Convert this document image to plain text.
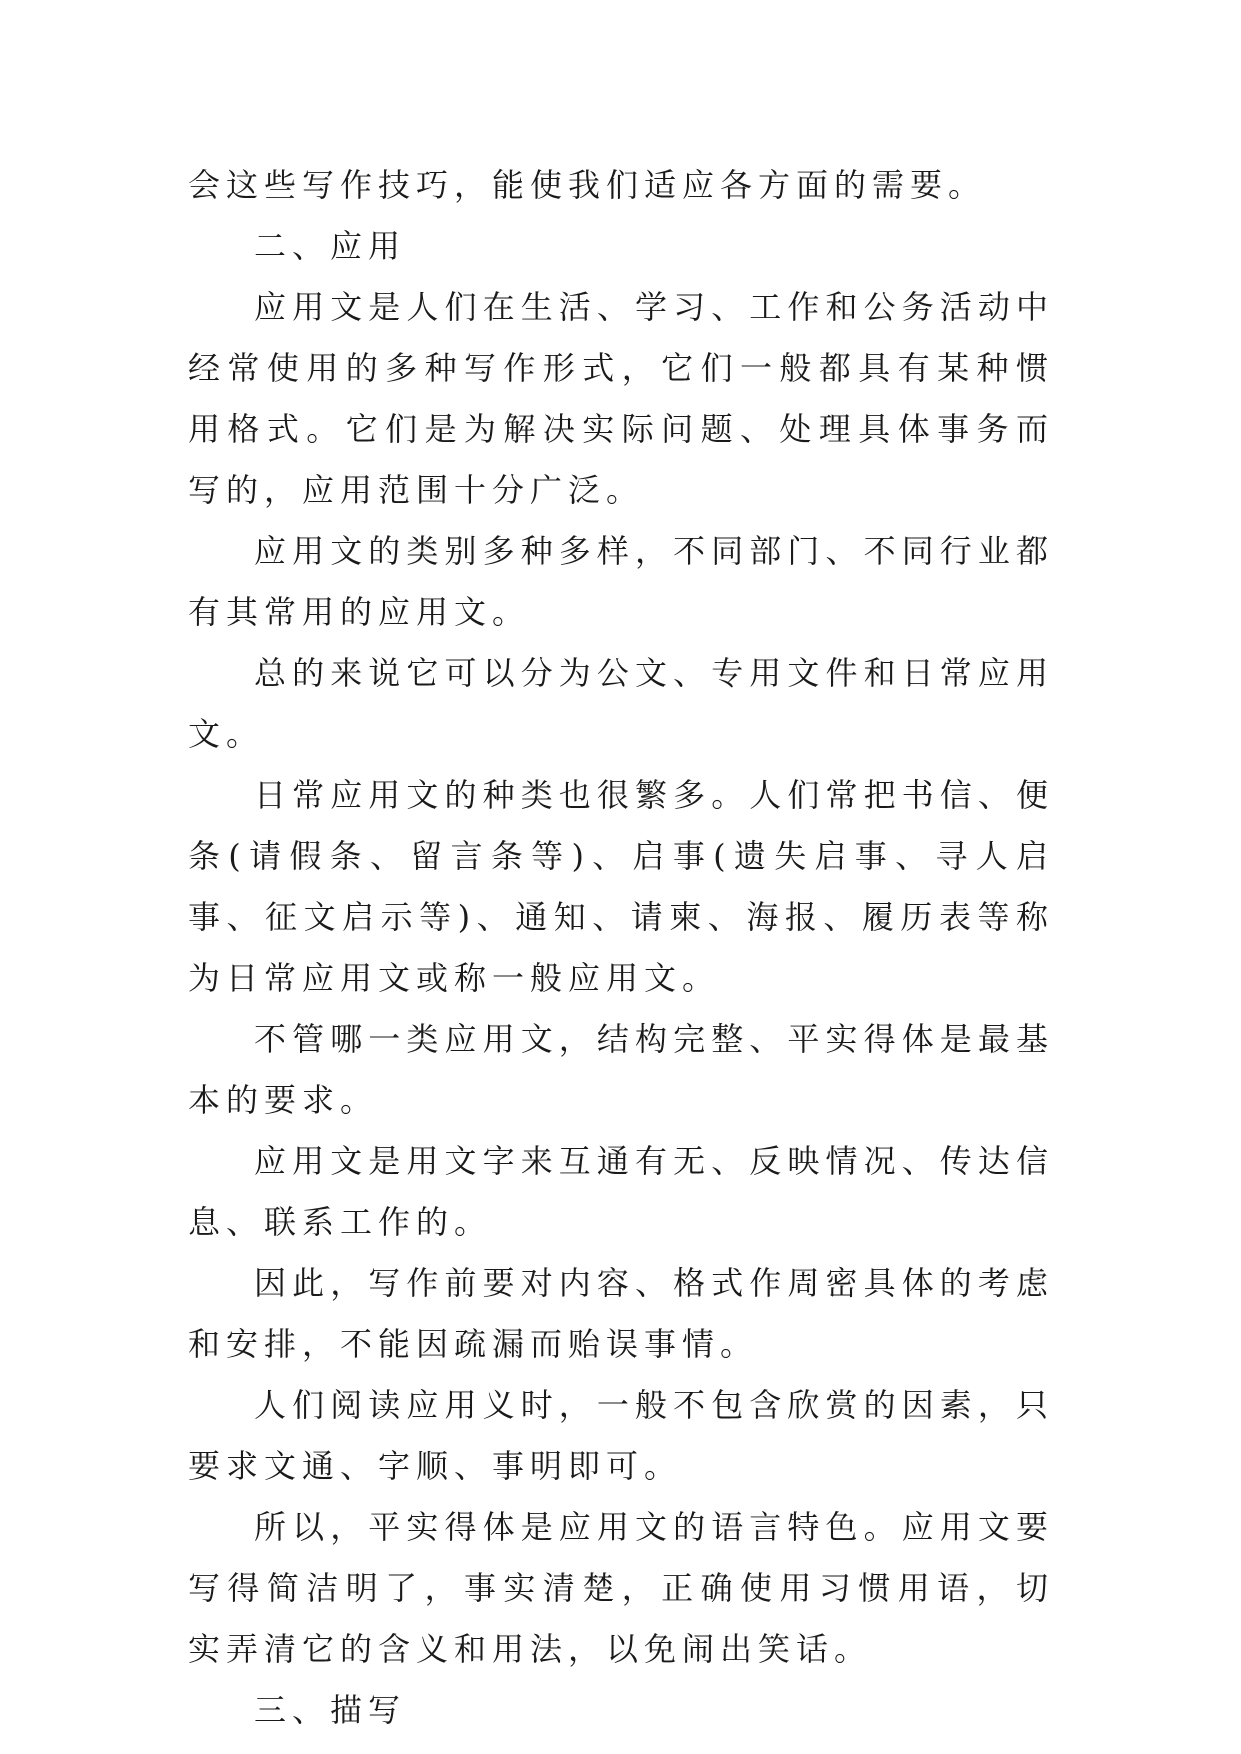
会这些写作技巧，能使我们适应各方面的需要。

二、应用

应用文是人们在生活、学习、工作和公务活动中经常使用的多种写作形式，它们一般都具有某种惯用格式。它们是为解决实际问题、处理具体事务而写的，应用范围十分广泛。

应用文的类别多种多样，不同部门、不同行业都有其常用的应用文。

总的来说它可以分为公文、专用文件和日常应用文。

日常应用文的种类也很繁多。人们常把书信、便条(请假条、留言条等)、启事(遗失启事、寻人启事、征文启示等)、通知、请柬、海报、履历表等称为日常应用文或称一般应用文。

不管哪一类应用文，结构完整、平实得体是最基本的要求。

应用文是用文字来互通有无、反映情况、传达信息、联系工作的。

因此，写作前要对内容、格式作周密具体的考虑和安排，不能因疏漏而贻误事情。

人们阅读应用义时，一般不包含欣赏的因素，只要求文通、字顺、事明即可。

所以，平实得体是应用文的语言特色。应用文要写得简洁明了，事实清楚，正确使用习惯用语，切实弄清它的含义和用法，以免闹出笑话。

三、描写
